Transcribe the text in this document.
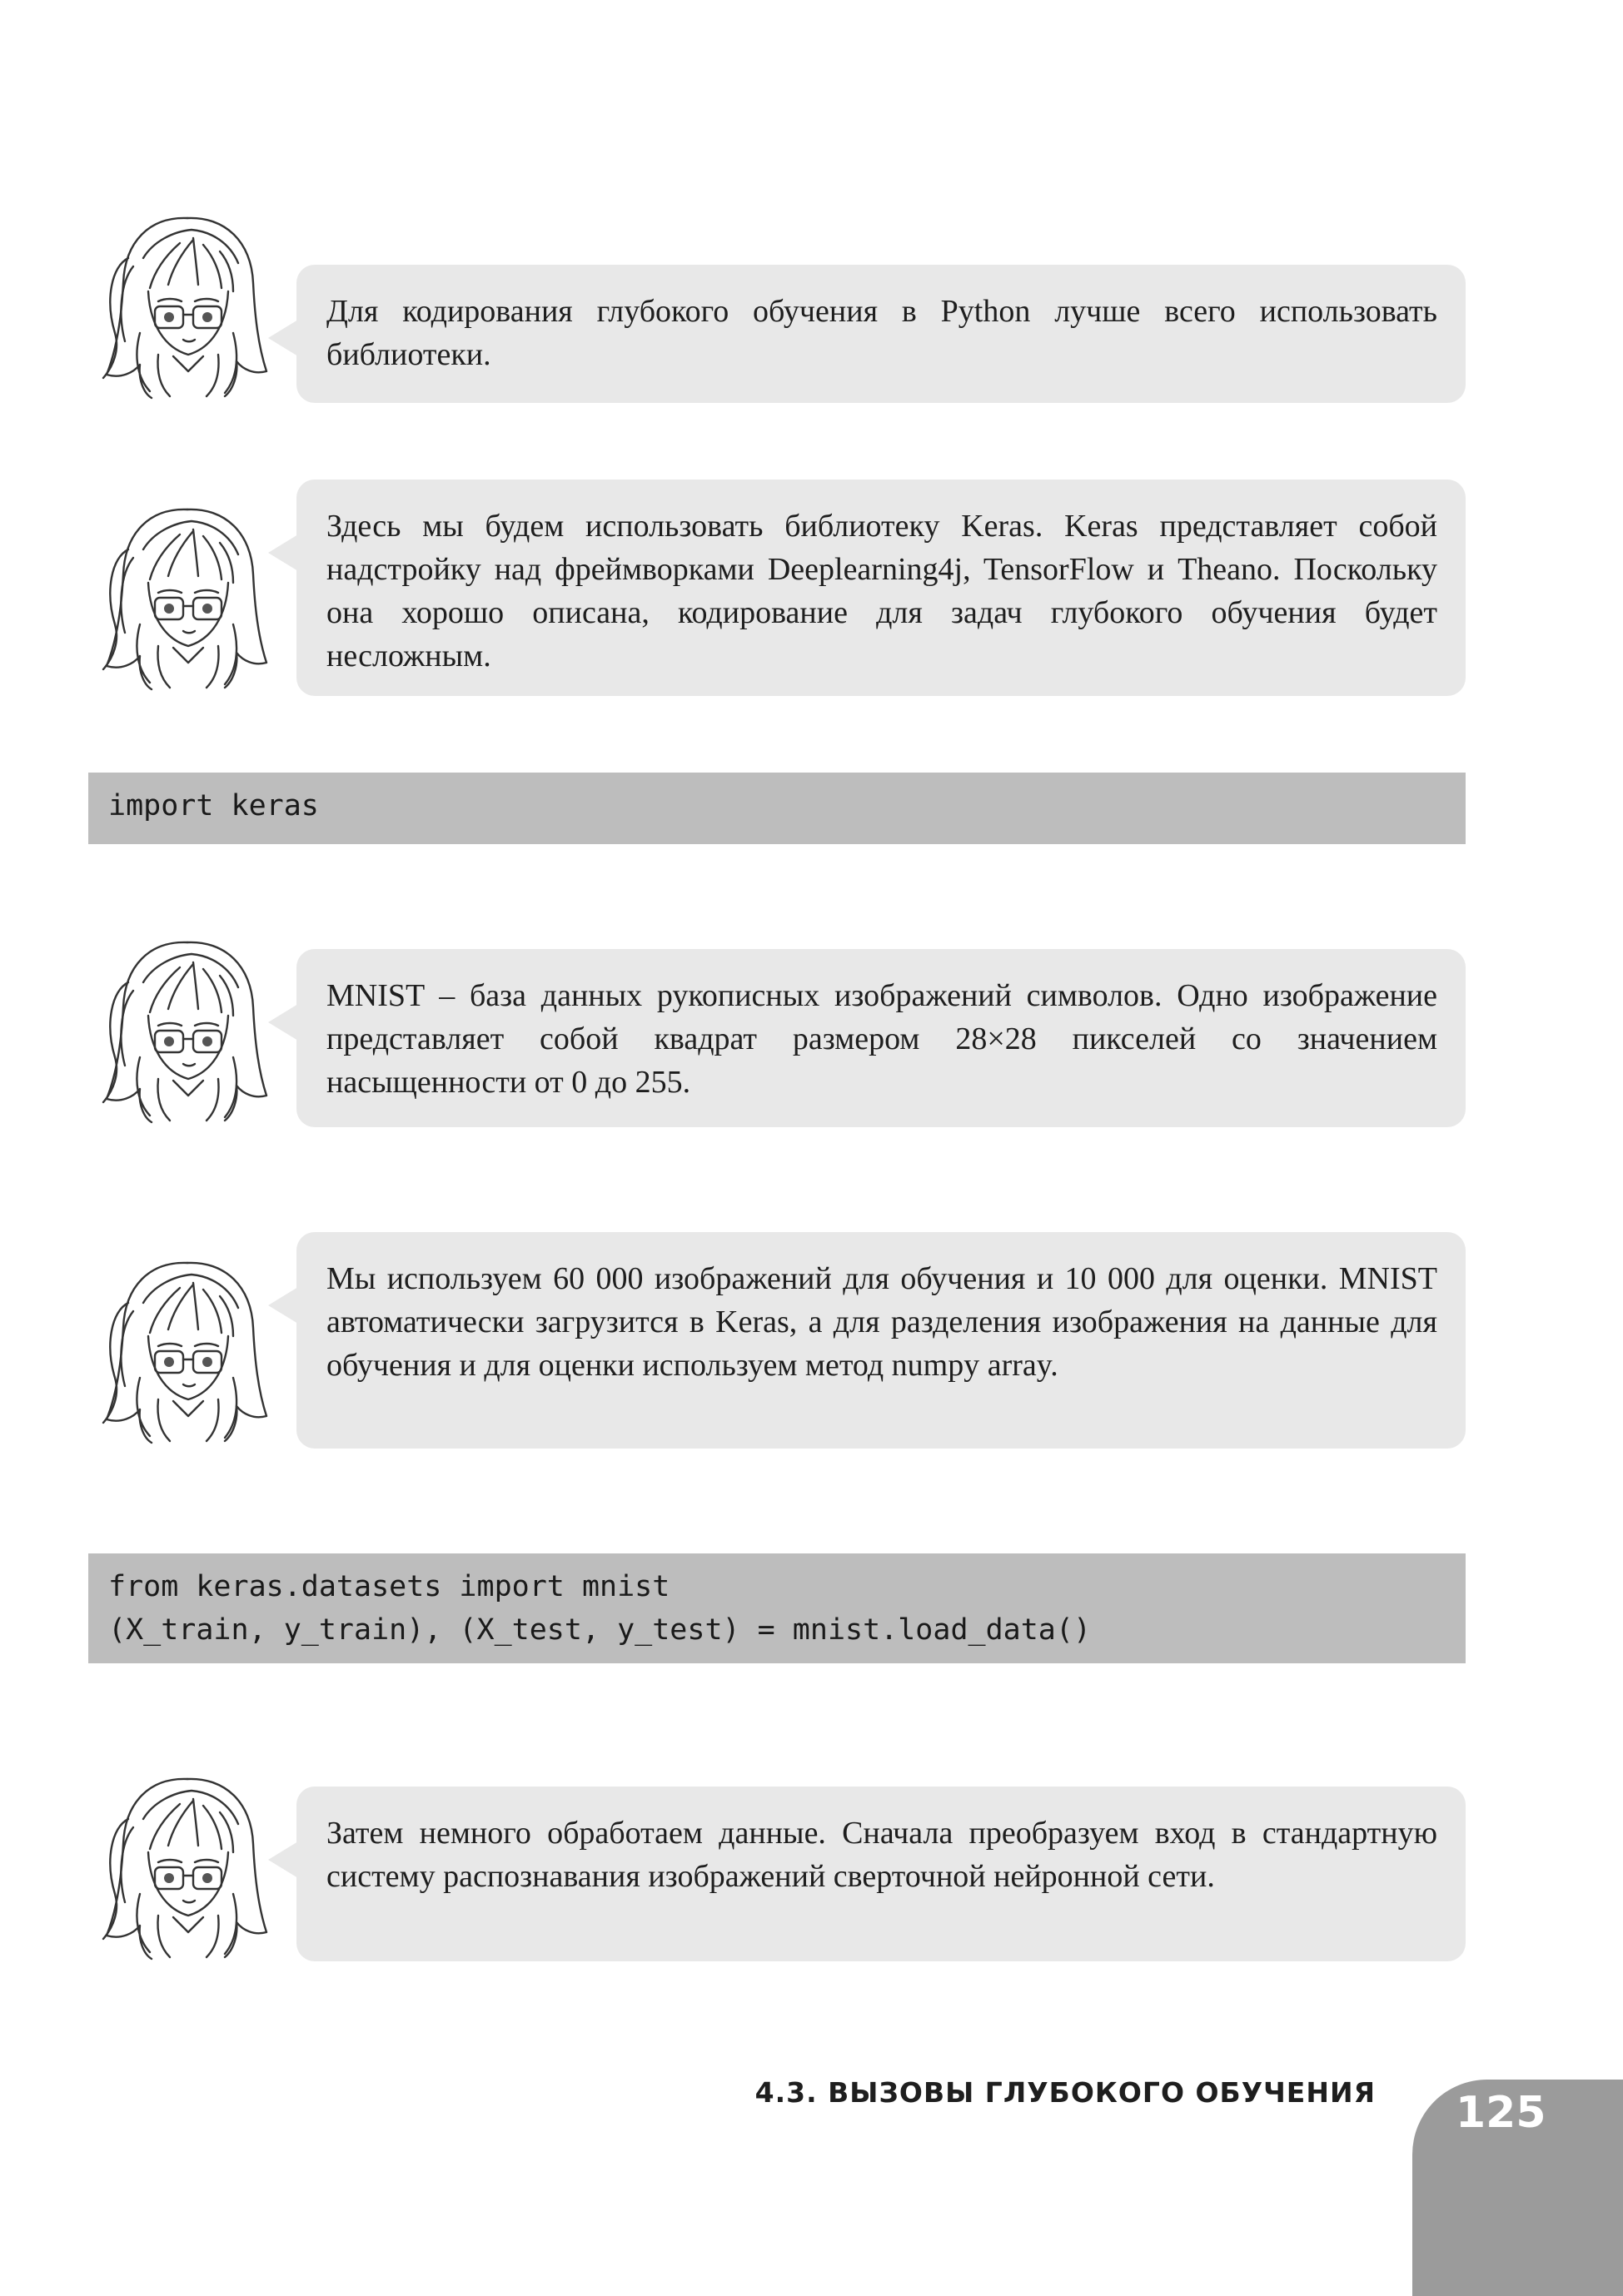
Для кодирования глубокого обучения в Python лучше всего использовать библиотеки.
Здесь мы будем использовать библиотеку Keras. Keras представляет собой надстройку над фреймворками Deeplearning4j, TensorFlow и Theano. Поскольку она хорошо описана, кодирование для задач глубокого обучения будет несложным.
import keras
MNIST – база данных рукописных изображений символов. Одно изображение представляет собой квадрат размером 28×28 пикселей со значением насыщенности от 0 до 255.
Мы используем 60 000 изображений для обучения и 10 000 для оценки. MNIST автоматически загрузится в Keras, а для разделения изображения на данные для обучения и для оценки используем метод numpy array.
from keras.datasets import mnist
(X_train, y_train), (X_test, y_test) = mnist.load_data()
Затем немного обработаем данные. Сначала преобразуем вход в стандартную систему распознавания изображений сверточной нейронной сети.
4.3. ВЫЗОВЫ ГЛУБОКОГО ОБУЧЕНИЯ 125
